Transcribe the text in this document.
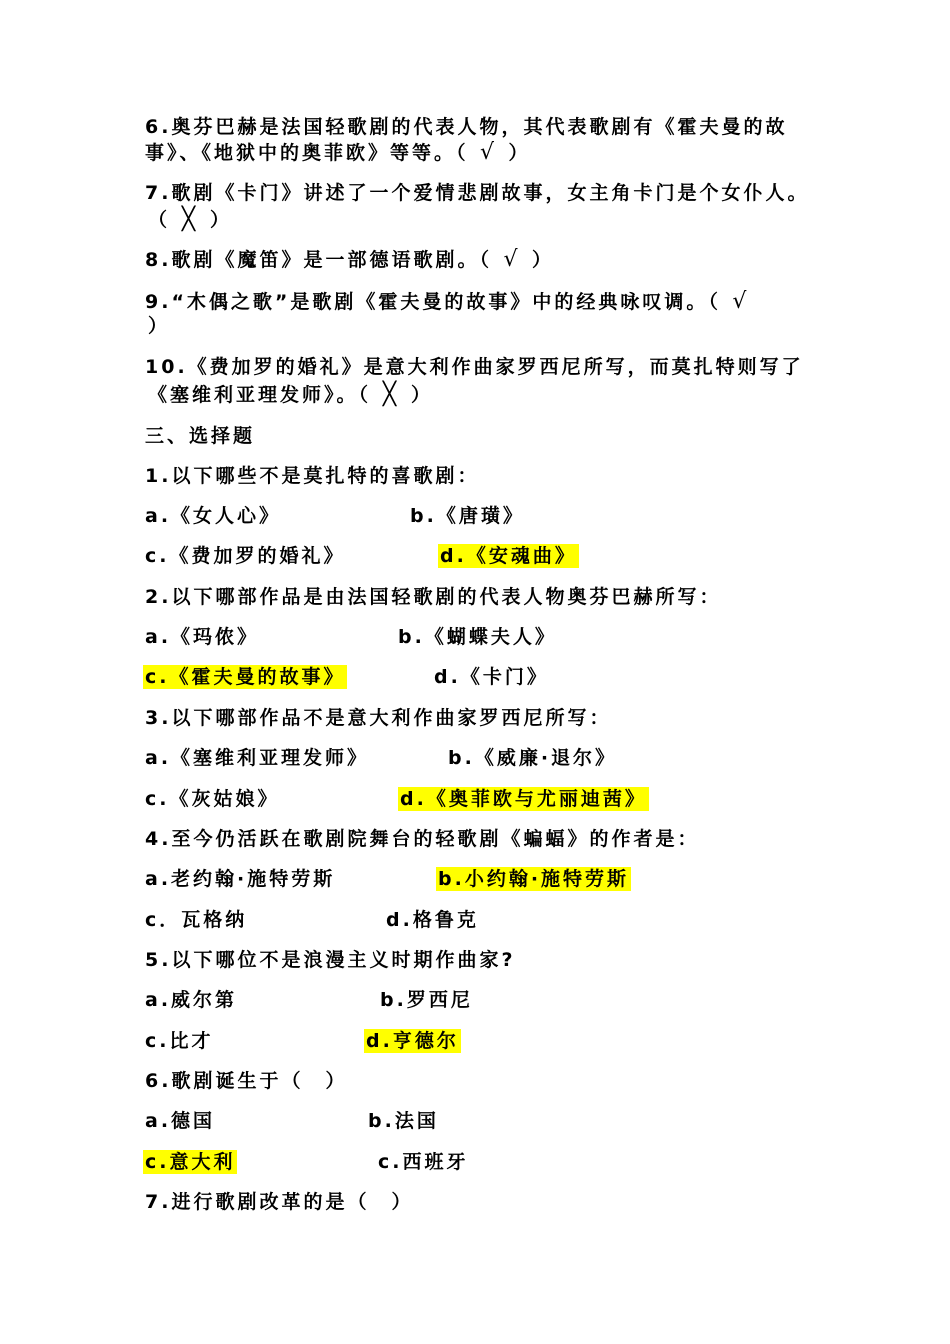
6.奥芬巴赫是法国轻歌剧的代表人物，其代表歌剧有《霍夫曼的故
事》、《地狱中的奥菲欧》等等。（ √ ）
7.歌剧《卡门》讲述了一个爱情悲剧故事，女主角卡门是个女仆人。
（ ╳ ）
8.歌剧《魔笛》是一部德语歌剧。（ √ ）
9.“木偶之歌”是歌剧《霍夫曼的故事》中的经典咏叹调。（ √
）
10.《费加罗的婚礼》是意大利作曲家罗西尼所写，而莫扎特则写了
《塞维利亚理发师》。（ ╳ ）
三、选择题
1.以下哪些不是莫扎特的喜歌剧：
a.《女人心》	b.《唐璜》
c.《费加罗的婚礼》	d.《安魂曲》
2.以下哪部作品是由法国轻歌剧的代表人物奥芬巴赫所写：
a.《玛侬》	b.《蝴蝶夫人》
c.《霍夫曼的故事》	d.《卡门》
3.以下哪部作品不是意大利作曲家罗西尼所写：
a.《塞维利亚理发师》	b.《威廉·退尔》
c.《灰姑娘》	d.《奥菲欧与尤丽迪茜》
4.至今仍活跃在歌剧院舞台的轻歌剧《蝙蝠》的作者是：
a.老约翰·施特劳斯	b.小约翰·施特劳斯
c．瓦格纳	d.格鲁克
5.以下哪位不是浪漫主义时期作曲家?
a.威尔第	b.罗西尼
c.比才	d.亨德尔
6.歌剧诞生于（　）
a.德国	b.法国
c.意大利	c.西班牙
7.进行歌剧改革的是（　）
